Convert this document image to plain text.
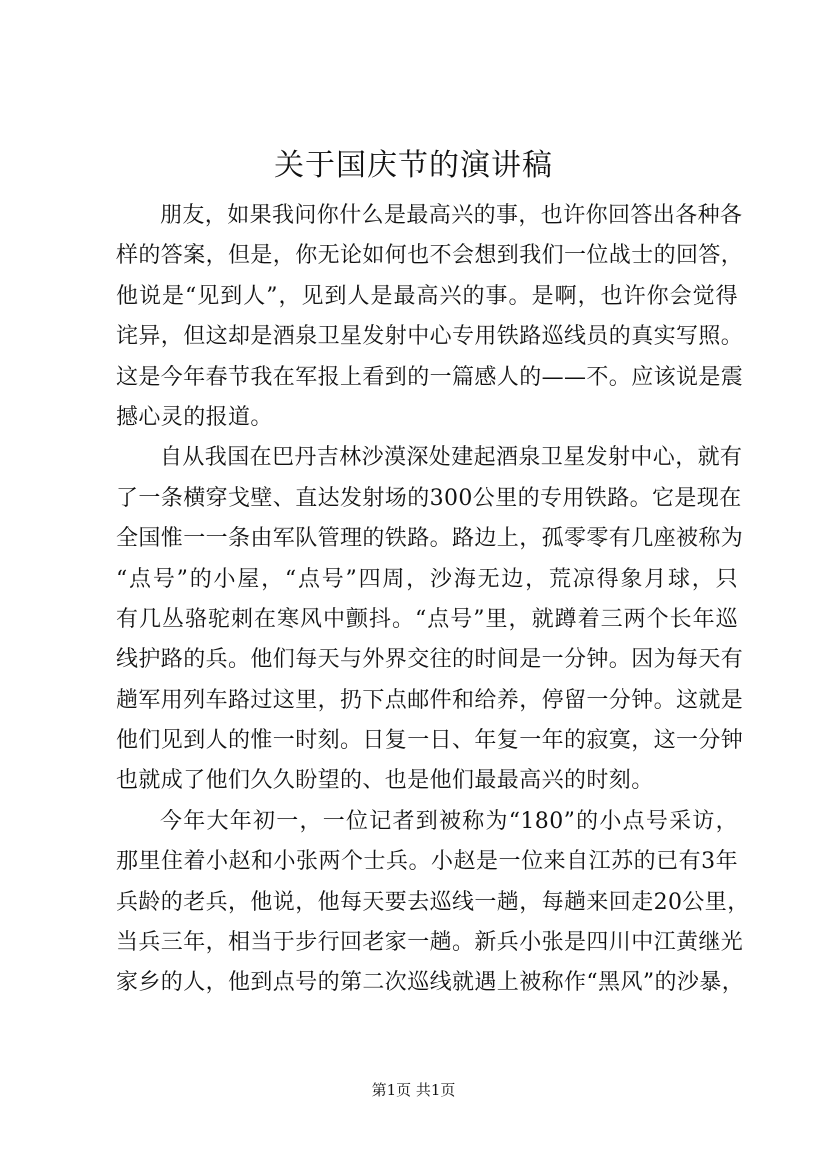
关于国庆节的演讲稿
朋友，如果我问你什么是最高兴的事，也许你回答出各种各
样的答案，但是，你无论如何也不会想到我们一位战士的回答，
他说是“见到人”，见到人是最高兴的事。是啊，也许你会觉得
诧异，但这却是酒泉卫星发射中心专用铁路巡线员的真实写照。
这是今年春节我在军报上看到的一篇感人的——不。应该说是震
撼心灵的报道。
自从我国在巴丹吉林沙漠深处建起酒泉卫星发射中心，就有
了一条横穿戈壁、直达发射场的300公里的专用铁路。它是现在
全国惟一一条由军队管理的铁路。路边上，孤零零有几座被称为
“点号”的小屋，“点号”四周，沙海无边，荒凉得象月球，只
有几丛骆驼刺在寒风中颤抖。“点号”里，就蹲着三两个长年巡
线护路的兵。他们每天与外界交往的时间是一分钟。因为每天有
趟军用列车路过这里，扔下点邮件和给养，停留一分钟。这就是
他们见到人的惟一时刻。日复一日、年复一年的寂寞，这一分钟
也就成了他们久久盼望的、也是他们最最高兴的时刻。
今年大年初一，一位记者到被称为“180”的小点号采访，
那里住着小赵和小张两个士兵。小赵是一位来自江苏的已有3年
兵龄的老兵，他说，他每天要去巡线一趟，每趟来回走20公里，
当兵三年，相当于步行回老家一趟。新兵小张是四川中江黄继光
家乡的人，他到点号的第二次巡线就遇上被称作“黑风”的沙暴，
第1页 共1页
